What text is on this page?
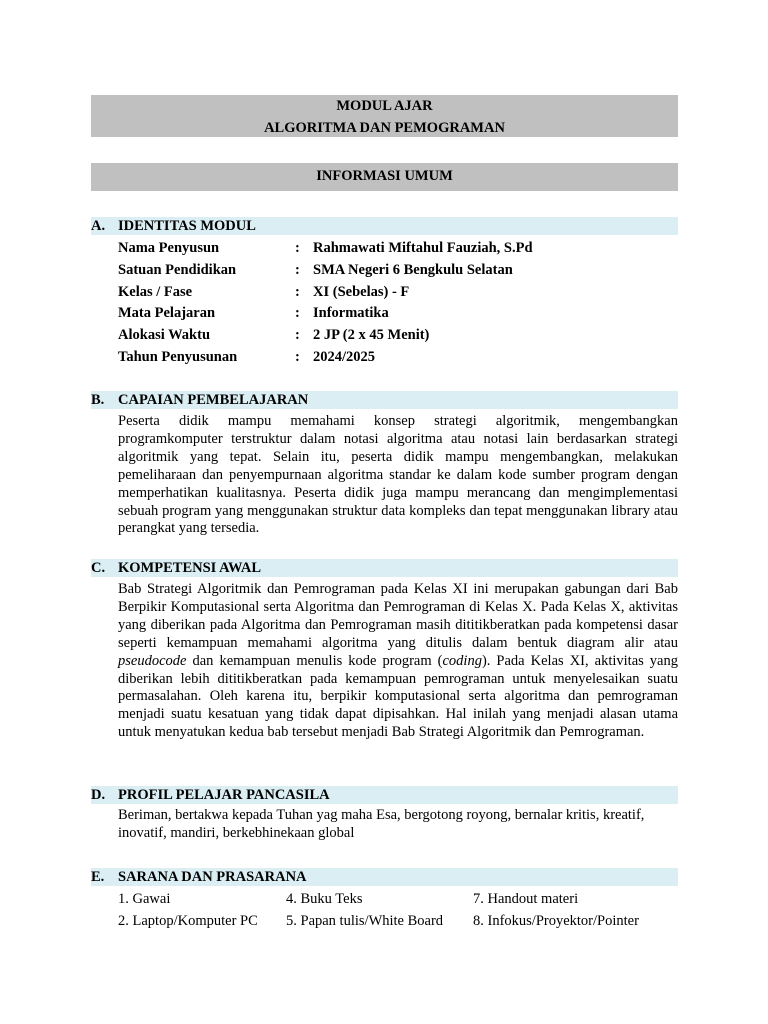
MODUL AJAR
ALGORITMA DAN PEMOGRAMAN
INFORMASI UMUM
A. IDENTITAS MODUL
Nama Penyusun	: Rahmawati Miftahul Fauziah, S.Pd
Satuan Pendidikan	: SMA Negeri 6 Bengkulu Selatan
Kelas / Fase	: XI (Sebelas) - F
Mata Pelajaran	: Informatika
Alokasi Waktu	: 2 JP (2 x 45 Menit)
Tahun Penyusunan	: 2024/2025
B. CAPAIAN PEMBELAJARAN

Peserta didik mampu memahami konsep strategi algoritmik, mengembangkan programkomputer terstruktur dalam notasi algoritma atau notasi lain berdasarkan strategi algoritmik yang tepat. Selain itu, peserta didik mampu mengembangkan, melakukan pemeliharaan dan penyempurnaan algoritma standar ke dalam kode sumber program dengan memperhatikan kualitasnya. Peserta didik juga mampu merancang dan mengimplementasi sebuah program yang menggunakan struktur data kompleks dan tepat menggunakan library atau perangkat yang tersedia.

C. KOMPETENSI AWAL

Bab Strategi Algoritmik dan Pemrograman pada Kelas XI ini merupakan gabungan dari Bab Berpikir Komputasional serta Algoritma dan Pemrograman di Kelas X. Pada Kelas X, aktivitas yang diberikan pada Algoritma dan Pemrograman masih dititikberatkan pada kompetensi dasar seperti kemampuan memahami algoritma yang ditulis dalam bentuk diagram alir atau pseudocode dan kemampuan menulis kode program (coding). Pada Kelas XI, aktivitas yang diberikan lebih dititikberatkan pada kemampuan pemrograman untuk menyelesaikan suatu permasalahan. Oleh karena itu, berpikir komputasional serta algoritma dan pemrograman menjadi suatu kesatuan yang tidak dapat dipisahkan. Hal inilah yang menjadi alasan utama untuk menyatukan kedua bab tersebut menjadi Bab Strategi Algoritmik dan Pemrograman.

D. PROFIL PELAJAR PANCASILA

Beriman, bertakwa kepada Tuhan yag maha Esa, bergotong royong, bernalar kritis, kreatif, inovatif, mandiri, berkebhinekaan global

E. SARANA DAN PRASARANA
1. Gawai	4. Buku Teks	7. Handout materi
2. Laptop/Komputer PC 5. Papan tulis/White Board 8. Infokus/Proyektor/Pointer
